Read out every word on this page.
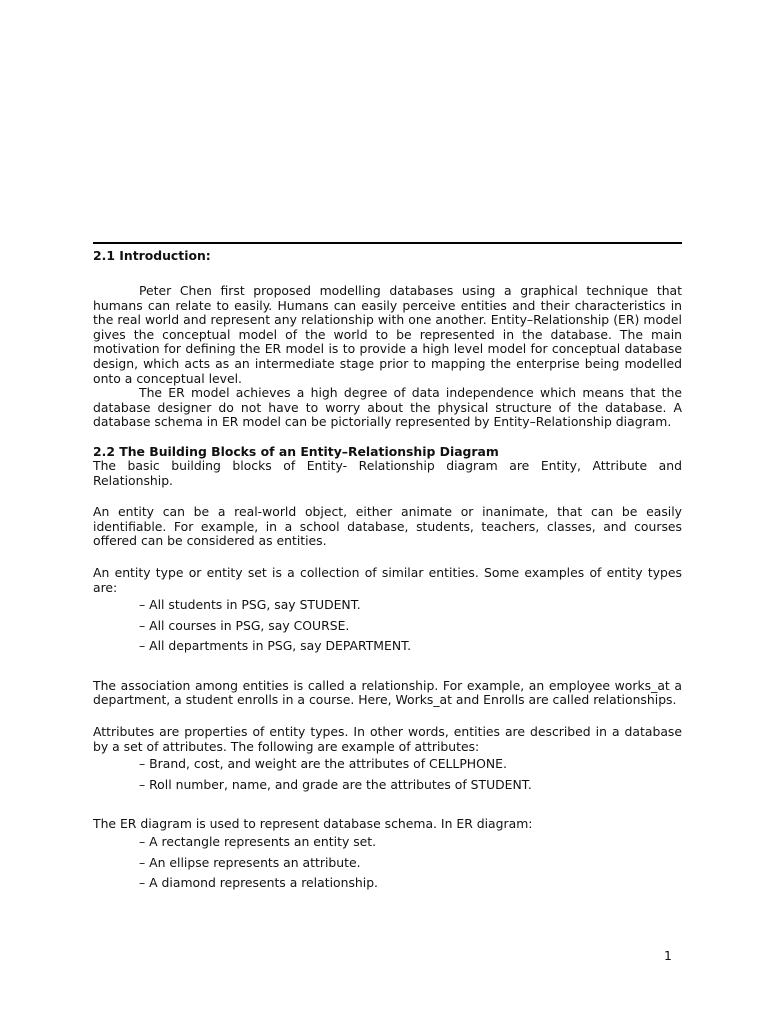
2.1 Introduction:

Peter Chen first proposed modelling databases using a graphical technique that humans can relate to easily. Humans can easily perceive entities and their characteristics in the real world and represent any relationship with one another. Entity–Relationship (ER) model gives the conceptual model of the world to be represented in the database. The main motivation for defining the ER model is to provide a high level model for conceptual database design, which acts as an intermediate stage prior to mapping the enterprise being modelled onto a conceptual level.

The ER model achieves a high degree of data independence which means that the database designer do not have to worry about the physical structure of the database. A database schema in ER model can be pictorially represented by Entity–Relationship diagram.

2.2 The Building Blocks of an Entity–Relationship Diagram

The basic building blocks of Entity- Relationship diagram are Entity, Attribute and Relationship.

An entity can be a real-world object, either animate or inanimate, that can be easily identifiable. For example, in a school database, students, teachers, classes, and courses offered can be considered as entities.

An entity type or entity set is a collection of similar entities. Some examples of entity types are:

– All students in PSG, say STUDENT.
– All courses in PSG, say COURSE.
– All departments in PSG, say DEPARTMENT.

The association among entities is called a relationship. For example, an employee works_at a department, a student enrolls in a course. Here, Works_at and Enrolls are called relationships.

Attributes are properties of entity types. In other words, entities are described in a database by a set of attributes. The following are example of attributes:

– Brand, cost, and weight are the attributes of CELLPHONE.
– Roll number, name, and grade are the attributes of STUDENT.

The ER diagram is used to represent database schema. In ER diagram:

– A rectangle represents an entity set.
– An ellipse represents an attribute.
– A diamond represents a relationship.
1
